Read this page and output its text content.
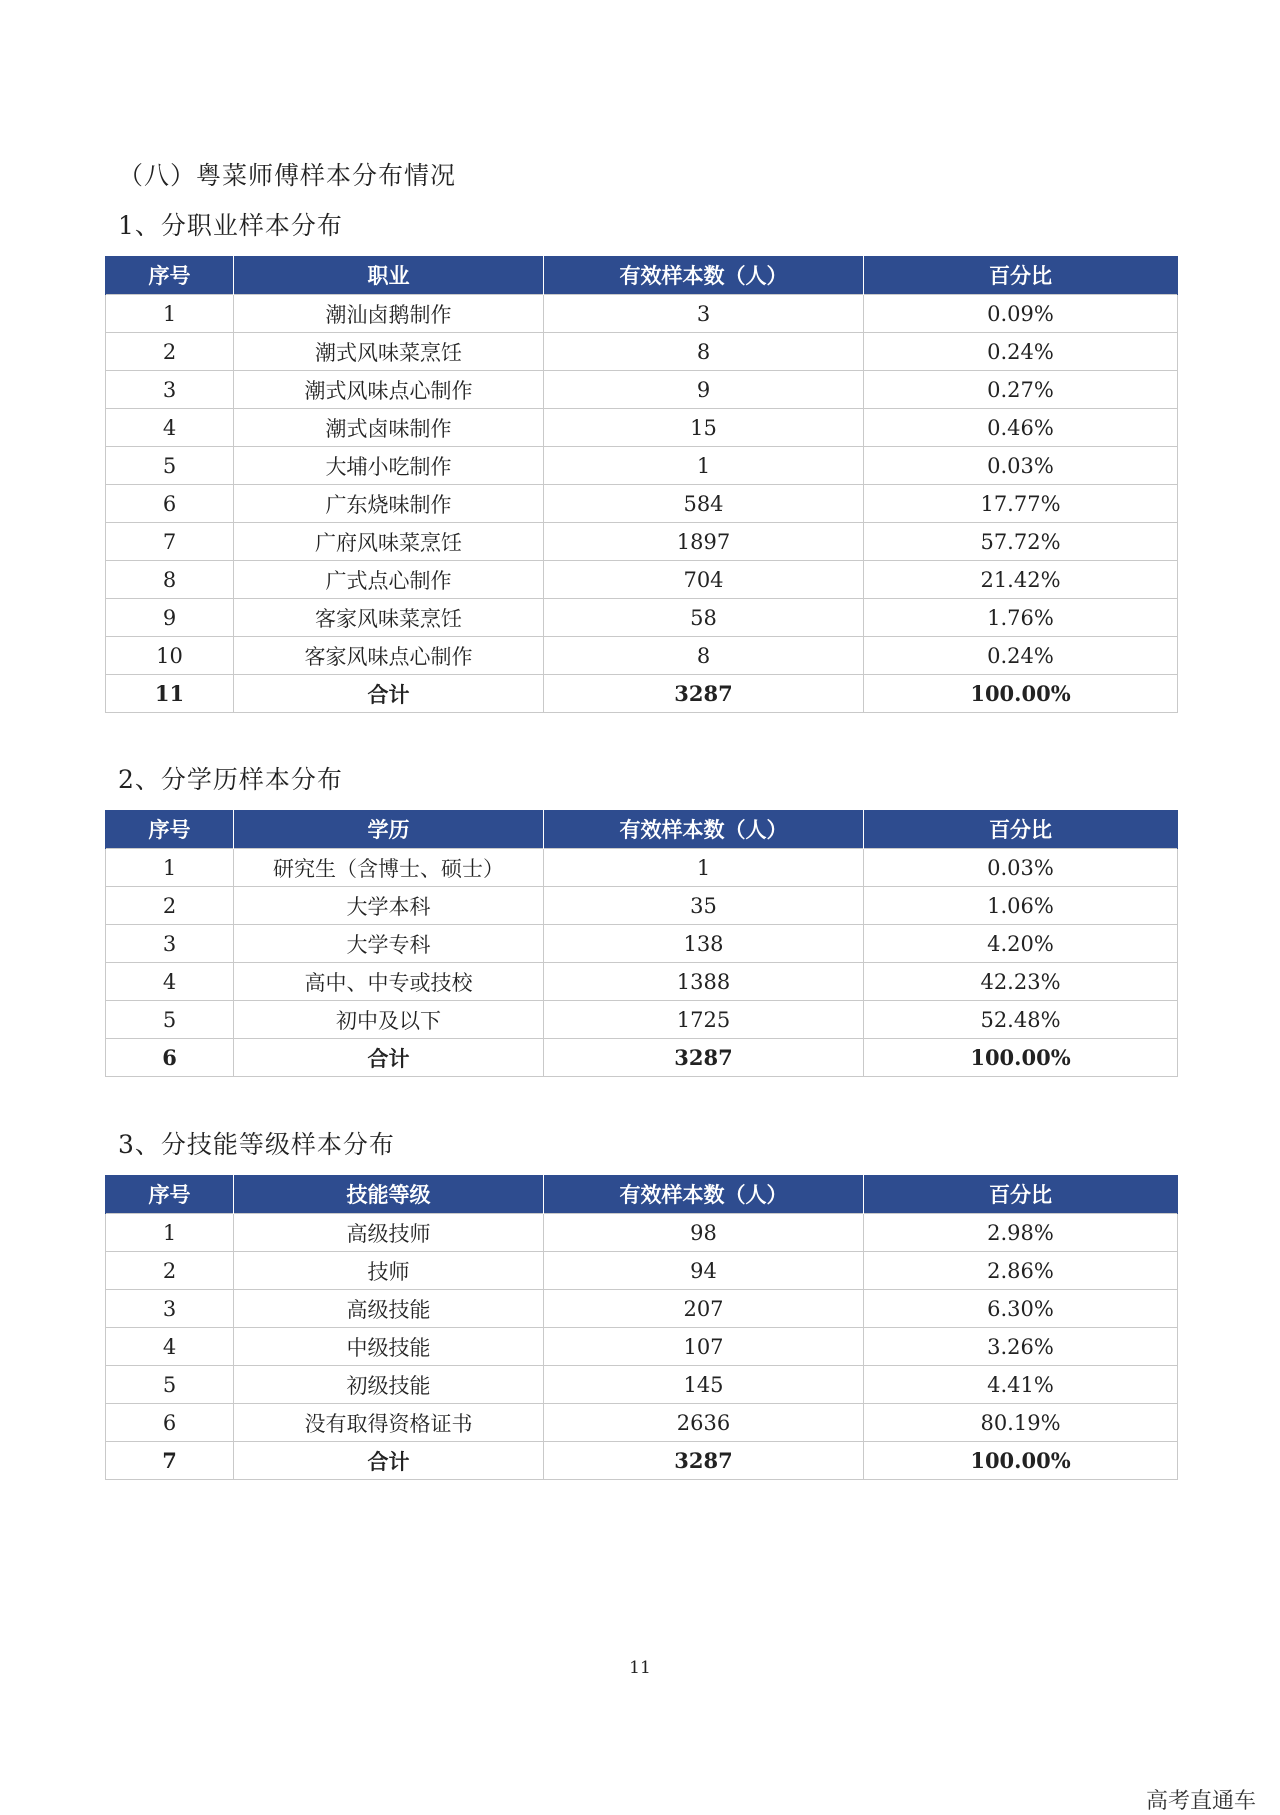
（八）粤菜师傅样本分布情况
1、分职业样本分布
序号	职业	有效样本数（人）	百分比
1	潮汕卤鹅制作	3	0.09%
2	潮式风味菜烹饪	8	0.24%
3	潮式风味点心制作	9	0.27%
4	潮式卤味制作	15	0.46%
5	大埔小吃制作	1	0.03%
6	广东烧味制作	584	17.77%
7	广府风味菜烹饪	1897	57.72%
8	广式点心制作	704	21.42%
9	客家风味菜烹饪	58	1.76%
10	客家风味点心制作	8	0.24%
11	合计	3287	100.00%
2、分学历样本分布
序号	学历	有效样本数（人）	百分比
1	研究生（含博士、硕士）	1	0.03%
2	大学本科	35	1.06%
3	大学专科	138	4.20%
4	高中、中专或技校	1388	42.23%
5	初中及以下	1725	52.48%
6	合计	3287	100.00%
3、分技能等级样本分布
序号	技能等级	有效样本数（人）	百分比
1	高级技师	98	2.98%
2	技师	94	2.86%
3	高级技能	207	6.30%
4	中级技能	107	3.26%
5	初级技能	145	4.41%
6	没有取得资格证书	2636	80.19%
7	合计	3287	100.00%
11
高考直通车
